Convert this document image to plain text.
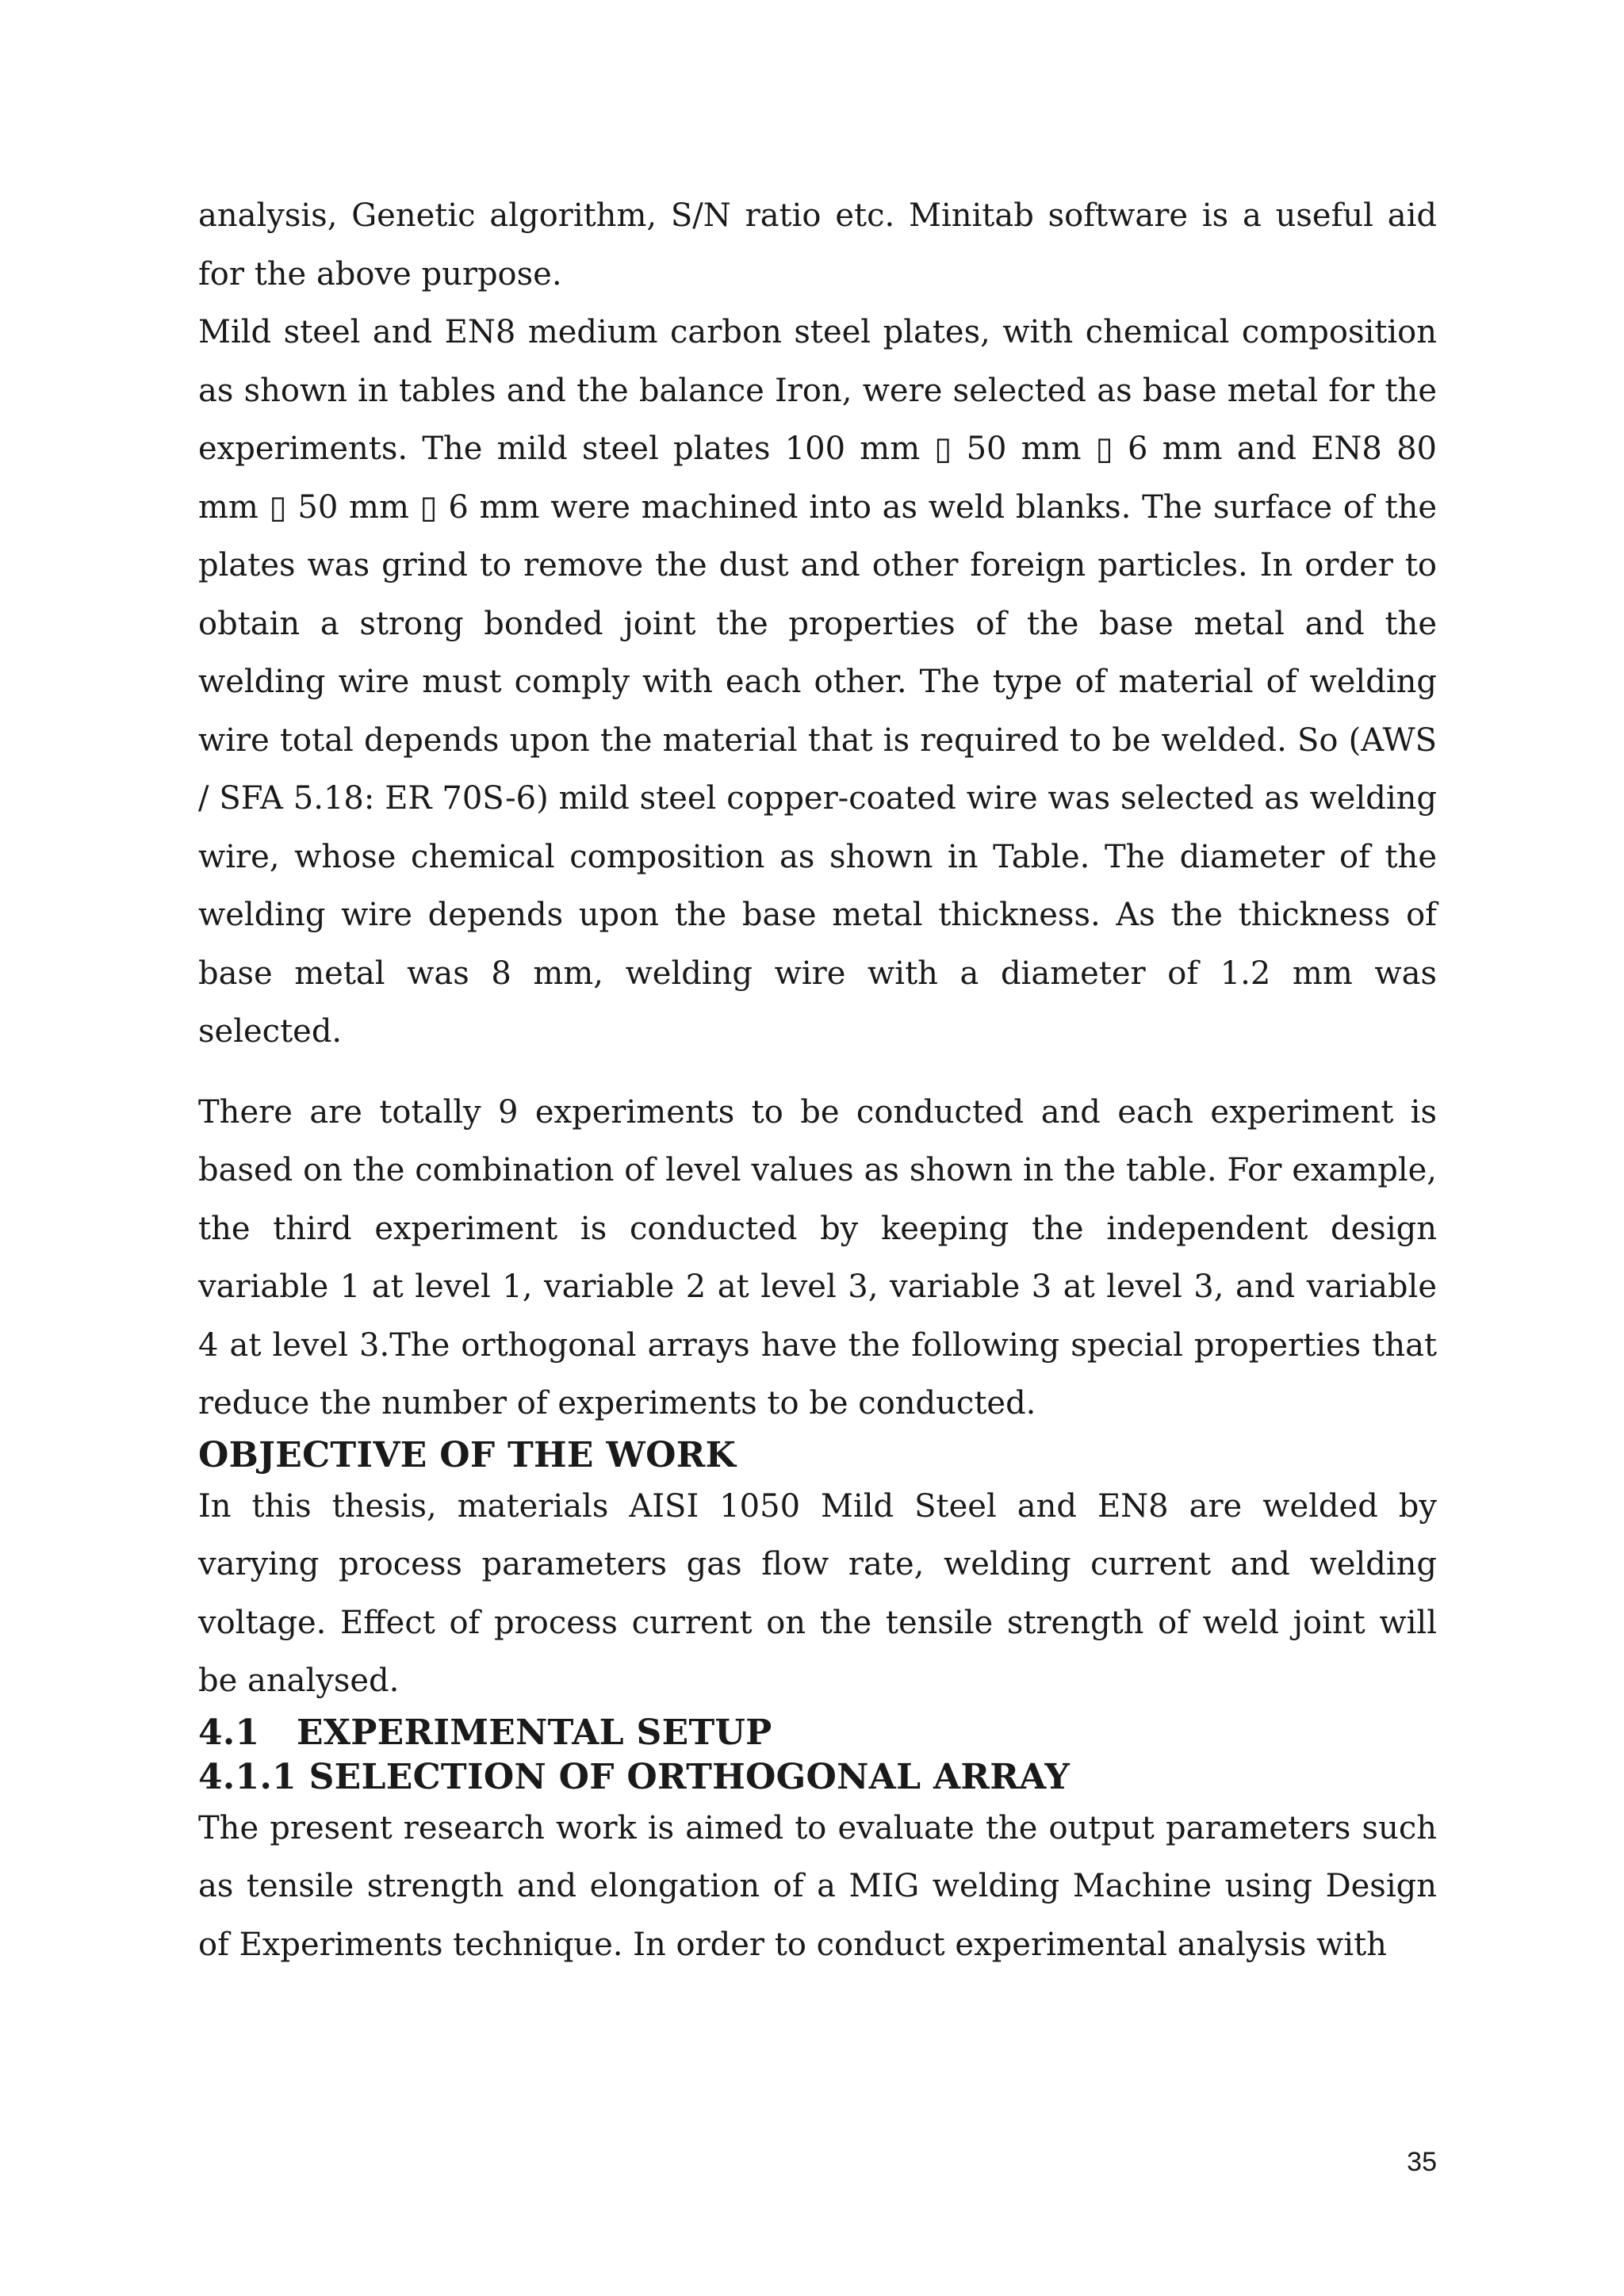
analysis, Genetic algorithm, S/N ratio etc. Minitab software is a useful aid for the above purpose.

Mild steel and EN8 medium carbon steel plates, with chemical composition as shown in tables and the balance Iron, were selected as base metal for the experiments. The mild steel plates 100 mm ▯ 50 mm ▯ 6 mm and EN8 80 mm ▯ 50 mm ▯ 6 mm were machined into as weld blanks. The surface of the plates was grind to remove the dust and other foreign particles. In order to obtain a strong bonded joint the properties of the base metal and the welding wire must comply with each other. The type of material of welding wire total depends upon the material that is required to be welded. So (AWS / SFA 5.18: ER 70S-6) mild steel copper-coated wire was selected as welding wire, whose chemical composition as shown in Table. The diameter of the welding wire depends upon the base metal thickness. As the thickness of base metal was 8 mm, welding wire with a diameter of 1.2 mm was selected.

There are totally 9 experiments to be conducted and each experiment is based on the combination of level values as shown in the table. For example, the third experiment is conducted by keeping the independent design variable 1 at level 1, variable 2 at level 3, variable 3 at level 3, and variable 4 at level 3.The orthogonal arrays have the following special properties that reduce the number of experiments to be conducted.

OBJECTIVE OF THE WORK

In this thesis, materials AISI 1050 Mild Steel and EN8 are welded by varying process parameters gas flow rate, welding current and welding voltage. Effect of process current on the tensile strength of weld joint will be analysed.

4.1 EXPERIMENTAL SETUP
4.1.1 SELECTION OF ORTHOGONAL ARRAY

The present research work is aimed to evaluate the output parameters such as tensile strength and elongation of a MIG welding Machine using Design of Experiments technique. In order to conduct experimental analysis with

35
